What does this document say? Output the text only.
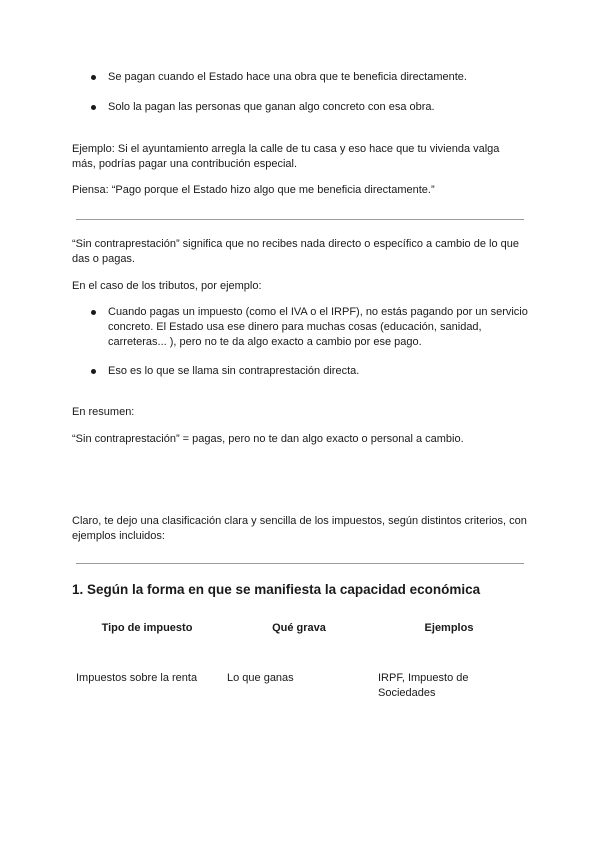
Se pagan cuando el Estado hace una obra que te beneficia directamente.
Solo la pagan las personas que ganan algo concreto con esa obra.
Ejemplo: Si el ayuntamiento arregla la calle de tu casa y eso hace que tu vivienda valga más, podrías pagar una contribución especial.
Piensa: “Pago porque el Estado hizo algo que me beneficia directamente.”
“Sin contraprestación” significa que no recibes nada directo o específico a cambio de lo que das o pagas.
En el caso de los tributos, por ejemplo:
Cuando pagas un impuesto (como el IVA o el IRPF), no estás pagando por un servicio concreto. El Estado usa ese dinero para muchas cosas (educación, sanidad, carreteras... ), pero no te da algo exacto a cambio por ese pago.
Eso es lo que se llama sin contraprestación directa.
En resumen:
“Sin contraprestación” = pagas, pero no te dan algo exacto o personal a cambio.
Claro, te dejo una clasificación clara y sencilla de los impuestos, según distintos criterios, con ejemplos incluidos:
1. Según la forma en que se manifiesta la capacidad económica
Tipo de impuesto	Qué grava	Ejemplos
Impuestos sobre la renta	Lo que ganas	IRPF, Impuesto de Sociedades
